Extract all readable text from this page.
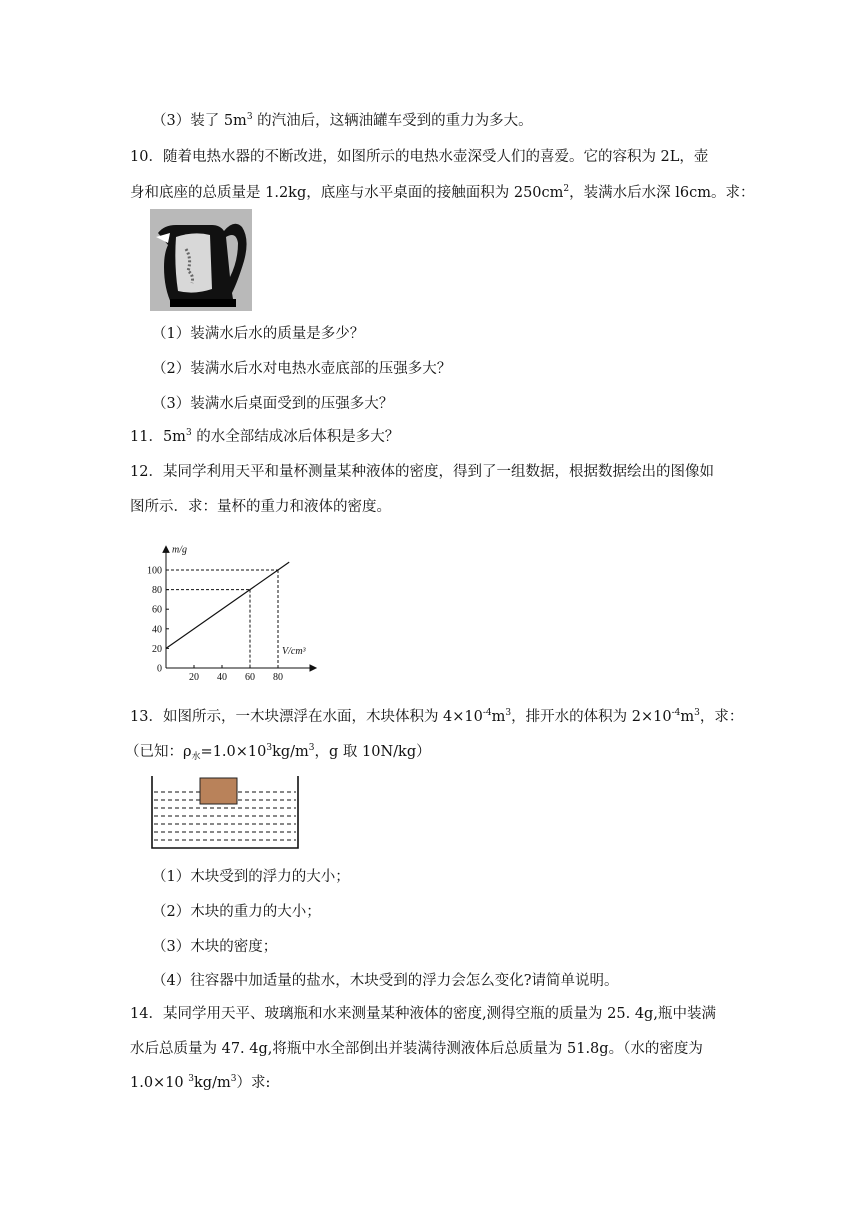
（3）装了 $5m^3$ 的汽油后，这辆油罐车受到的重力为多大。
10．随着电热水器的不断改进，如图所示的电热水壶深受人们的喜爱。它的容积为 2L，壶
身和底座的总质量是 1.2kg，底座与水平桌面的接触面积为 $250cm^2$，装满水后水深 l6cm。求：
（1）装满水后水的质量是多少？
（2）装满水后水对电热水壶底部的压强多大？
（3）装满水后桌面受到的压强多大？
11．$5m^3$ 的水全部结成冰后体积是多大？
12．某同学利用天平和量杯测量某种液体的密度，得到了一组数据，根据数据绘出的图像如
图所示．求：量杯的重力和液体的密度。
20 40 60 80
0
20
40
60
80
100
m/g
V/cm³
13．如图所示，一木块漂浮在水面，木块体积为 $4\times 10^{-4}m^3$，排开水的体积为 $2\times 10^{-4}m^3$，求：
（已知：$\rho_水=1.0\times 10^3kg/m^3$，g 取 10N/kg）
（1）木块受到的浮力的大小；
（2）木块的重力的大小；
（3）木块的密度；
（4）往容器中加适量的盐水，木块受到的浮力会怎么变化?请简单说明。
14．某同学用天平、玻璃瓶和水来测量某种液体的密度,测得空瓶的质量为 25. 4g,瓶中装满
水后总质量为 47. 4g,将瓶中水全部倒出并装满待测液体后总质量为 51.8g。（水的密度为
1.0×10 $^3kg/m^3$）求:
